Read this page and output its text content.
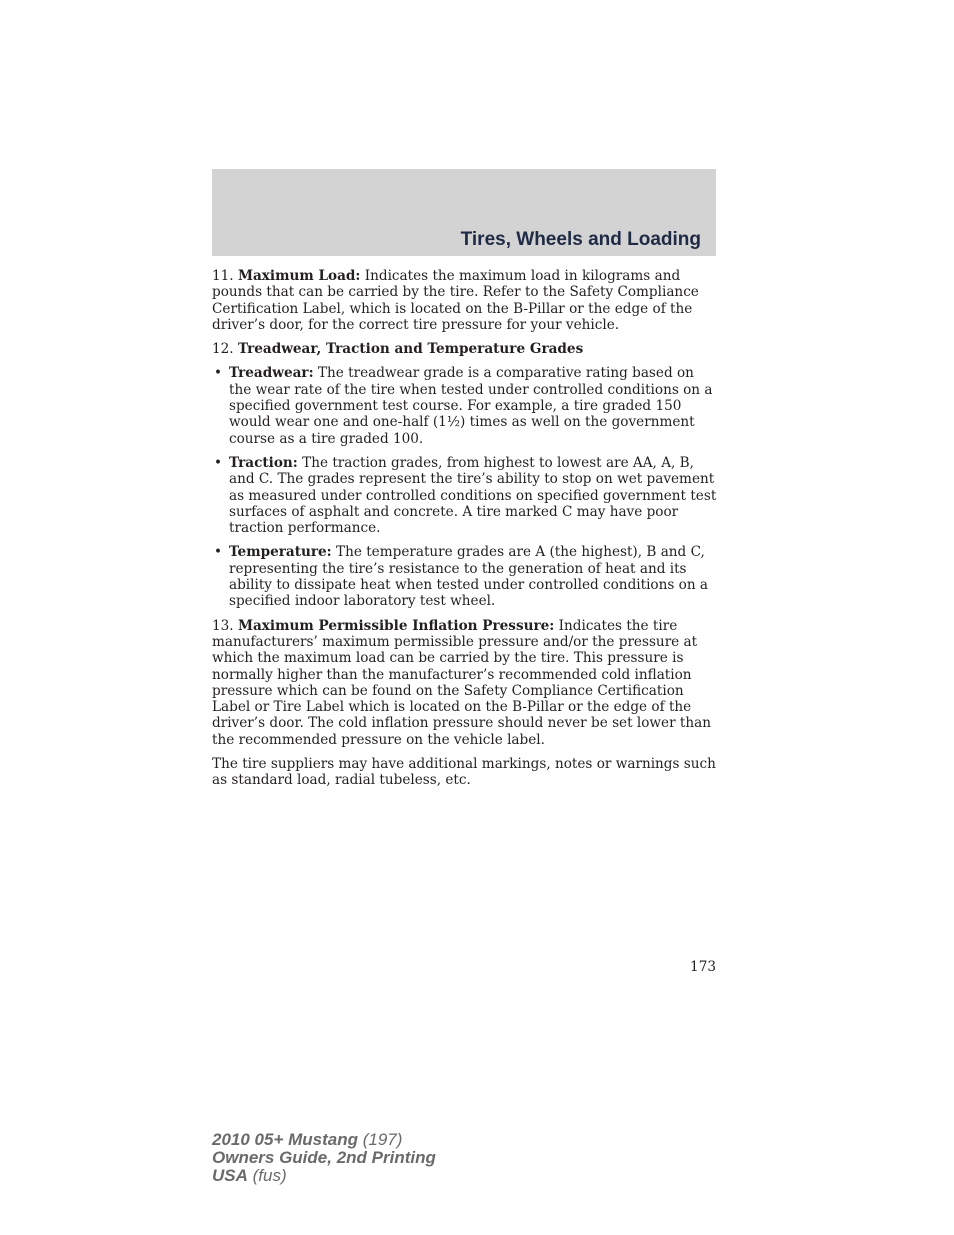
Tires, Wheels and Loading

11. Maximum Load: Indicates the maximum load in kilograms and pounds that can be carried by the tire. Refer to the Safety Compliance Certification Label, which is located on the B-Pillar or the edge of the driver’s door, for the correct tire pressure for your vehicle.

12. Treadwear, Traction and Temperature Grades

• Treadwear: The treadwear grade is a comparative rating based on the wear rate of the tire when tested under controlled conditions on a specified government test course. For example, a tire graded 150 would wear one and one-half (1½) times as well on the government course as a tire graded 100.
• Traction: The traction grades, from highest to lowest are AA, A, B, and C. The grades represent the tire’s ability to stop on wet pavement as measured under controlled conditions on specified government test surfaces of asphalt and concrete. A tire marked C may have poor traction performance.
• Temperature: The temperature grades are A (the highest), B and C, representing the tire’s resistance to the generation of heat and its ability to dissipate heat when tested under controlled conditions on a specified indoor laboratory test wheel.

13. Maximum Permissible Inflation Pressure: Indicates the tire manufacturers’ maximum permissible pressure and/or the pressure at which the maximum load can be carried by the tire. This pressure is normally higher than the manufacturer’s recommended cold inflation pressure which can be found on the Safety Compliance Certification Label or Tire Label which is located on the B-Pillar or the edge of the driver’s door. The cold inflation pressure should never be set lower than the recommended pressure on the vehicle label.

The tire suppliers may have additional markings, notes or warnings such as standard load, radial tubeless, etc.

173
2010 05+ Mustang (197)
Owners Guide, 2nd Printing
USA (fus)
